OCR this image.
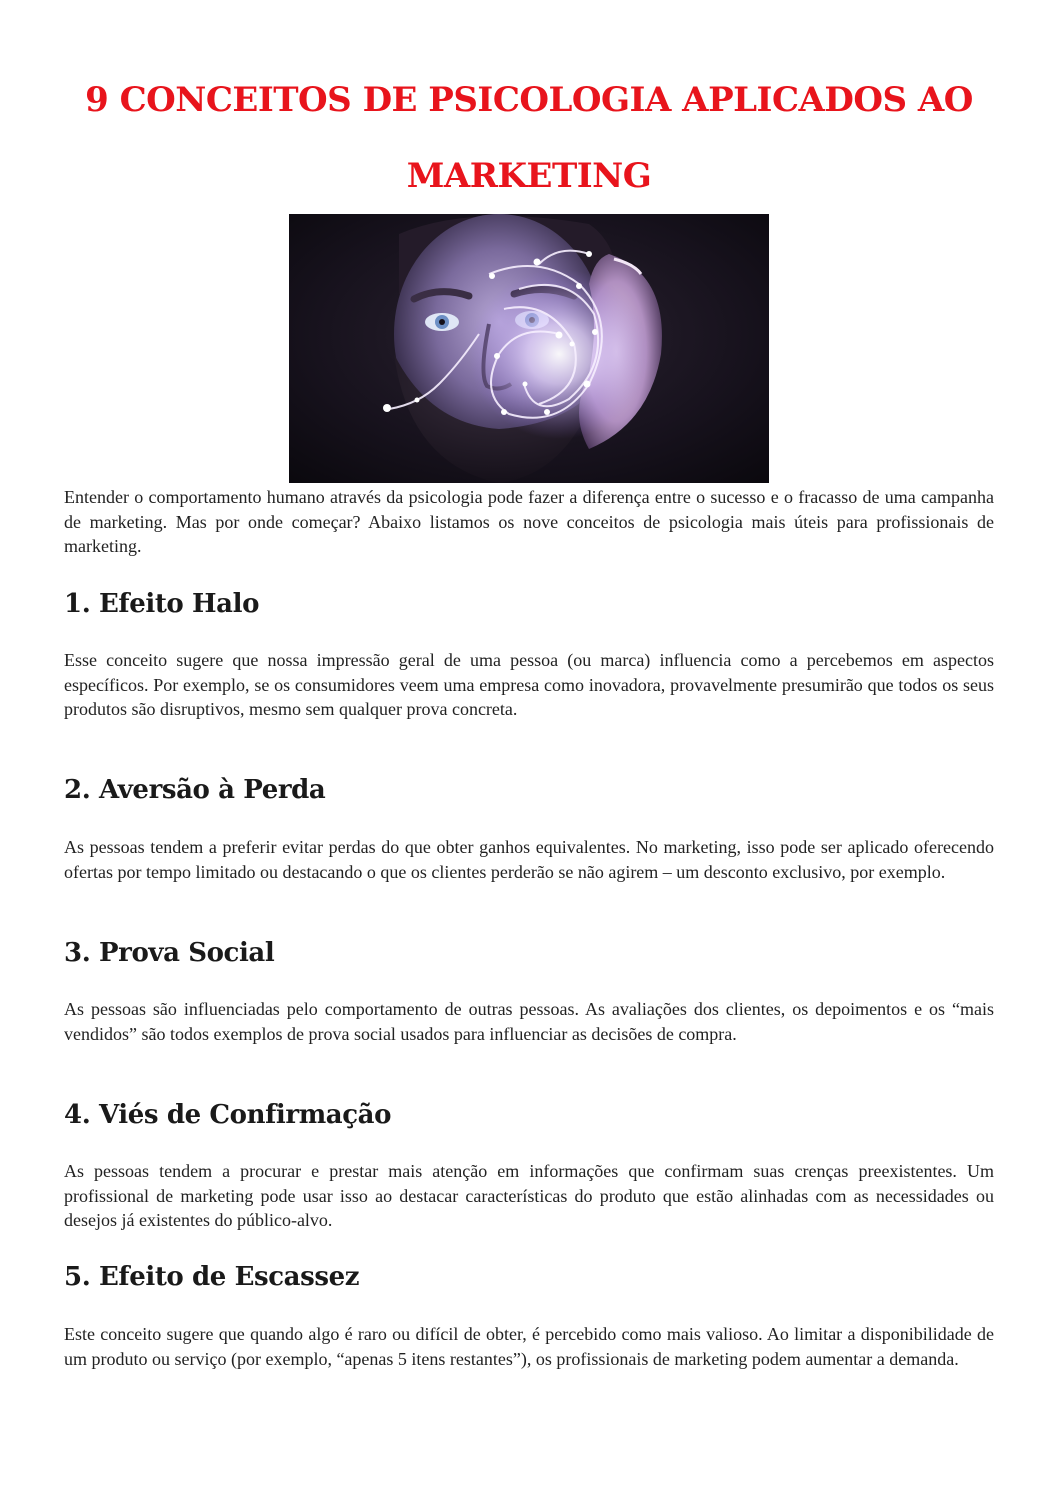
9 CONCEITOS DE PSICOLOGIA APLICADOS AO MARKETING

Entender o comportamento humano através da psicologia pode fazer a diferença entre o sucesso e o fracasso de uma campanha de marketing. Mas por onde começar? Abaixo listamos os nove conceitos de psicologia mais úteis para profissionais de marketing.

1. Efeito Halo

Esse conceito sugere que nossa impressão geral de uma pessoa (ou marca) influencia como a percebemos em aspectos específicos. Por exemplo, se os consumidores veem uma empresa como inovadora, provavelmente presumirão que todos os seus produtos são disruptivos, mesmo sem qualquer prova concreta.

2. Aversão à Perda

As pessoas tendem a preferir evitar perdas do que obter ganhos equivalentes. No marketing, isso pode ser aplicado oferecendo ofertas por tempo limitado ou destacando o que os clientes perderão se não agirem – um desconto exclusivo, por exemplo.

3. Prova Social

As pessoas são influenciadas pelo comportamento de outras pessoas. As avaliações dos clientes, os depoimentos e os “mais vendidos” são todos exemplos de prova social usados para influenciar as decisões de compra.

4. Viés de Confirmação

As pessoas tendem a procurar e prestar mais atenção em informações que confirmam suas crenças preexistentes. Um profissional de marketing pode usar isso ao destacar características do produto que estão alinhadas com as necessidades ou desejos já existentes do público-alvo.

5. Efeito de Escassez

Este conceito sugere que quando algo é raro ou difícil de obter, é percebido como mais valioso. Ao limitar a disponibilidade de um produto ou serviço (por exemplo, “apenas 5 itens restantes”), os profissionais de marketing podem aumentar a demanda.
